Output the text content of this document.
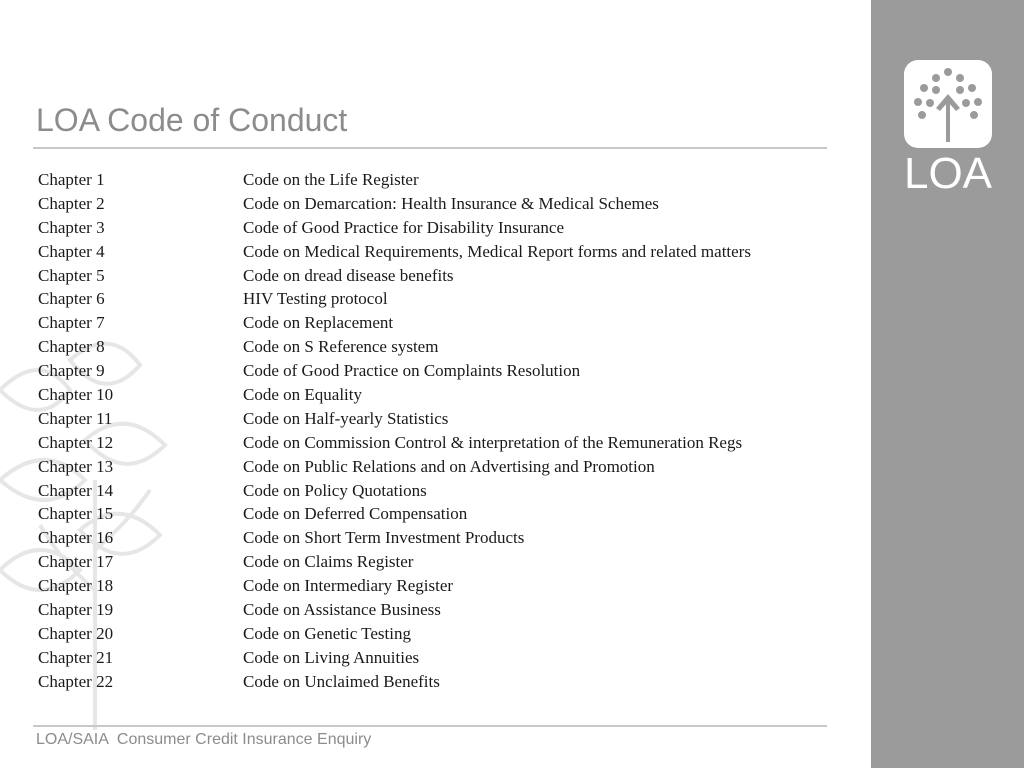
LOA
LOA Code of Conduct
Chapter 1	Code on the Life Register
Chapter 2	Code on Demarcation: Health Insurance & Medical Schemes
Chapter 3	Code of Good Practice for Disability Insurance
Chapter 4	Code on Medical Requirements, Medical Report forms and related matters
Chapter 5	Code on dread disease benefits
Chapter 6	HIV Testing protocol
Chapter 7	Code on Replacement
Chapter 8	Code on S Reference system
Chapter 9	Code of Good Practice on Complaints Resolution
Chapter 10	Code on Equality
Chapter 11	Code on Half-yearly Statistics
Chapter 12	Code on Commission Control & interpretation of the Remuneration Regs
Chapter 13	Code on Public Relations and on Advertising and Promotion
Chapter 14	Code on Policy Quotations
Chapter 15	Code on Deferred Compensation
Chapter 16	Code on Short Term Investment Products
Chapter 17	Code on Claims Register
Chapter 18	Code on Intermediary Register
Chapter 19	Code on Assistance Business
Chapter 20	Code on Genetic Testing
Chapter 21	Code on Living Annuities
Chapter 22	Code on Unclaimed Benefits
LOA/SAIA  Consumer Credit Insurance Enquiry
